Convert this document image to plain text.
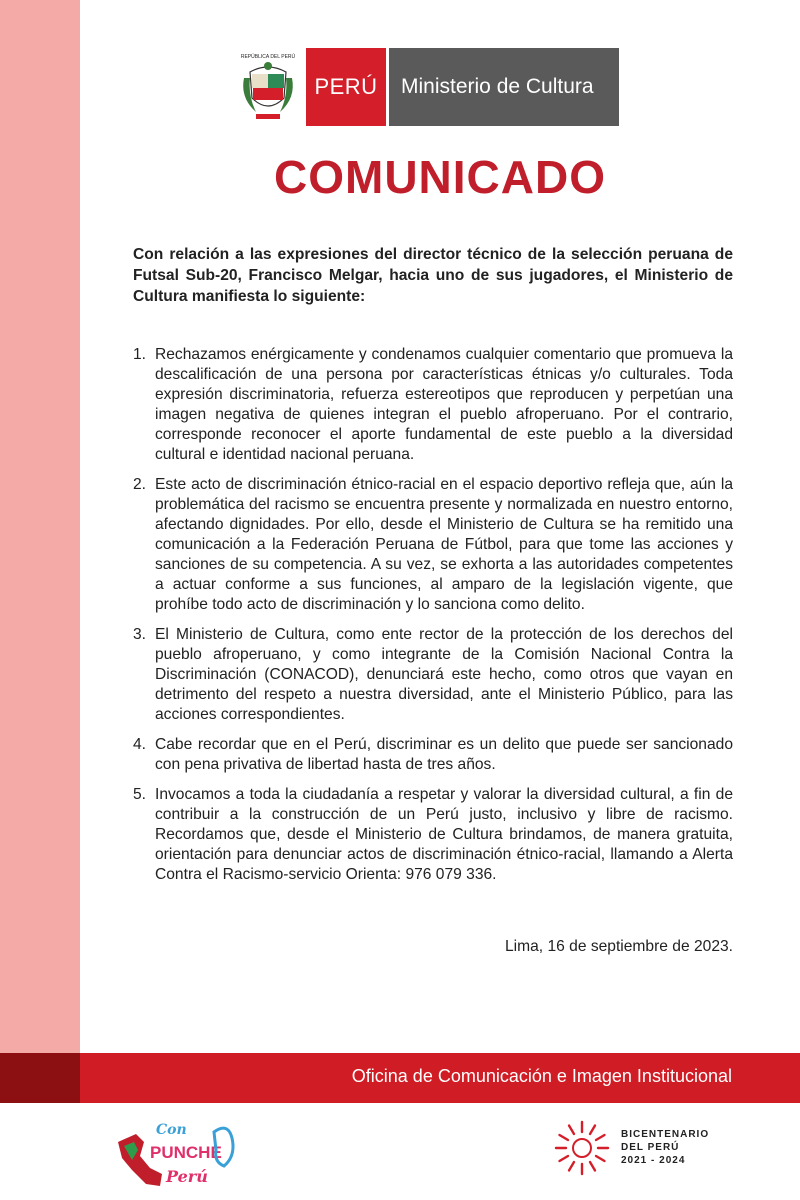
REPÚBLICA DEL PERÚ
PERÚ	Ministerio de Cultura
COMUNICADO
Con relación a las expresiones del director técnico de la selección peruana de Futsal Sub-20, Francisco Melgar, hacia uno de sus jugadores, el Ministerio de Cultura manifiesta lo siguiente:
1. Rechazamos enérgicamente y condenamos cualquier comentario que promueva la descalificación de una persona por características étnicas y/o culturales. Toda expresión discriminatoria, refuerza estereotipos que reproducen y perpetúan una imagen negativa de quienes integran el pueblo afroperuano. Por el contrario, corresponde reconocer el aporte fundamental de este pueblo a la diversidad cultural e identidad nacional peruana.
2. Este acto de discriminación étnico-racial en el espacio deportivo refleja que, aún la problemática del racismo se encuentra presente y normalizada en nuestro entorno, afectando dignidades. Por ello, desde el Ministerio de Cultura se ha remitido una comunicación a la Federación Peruana de Fútbol, para que tome las acciones y sanciones de su competencia. A su vez, se exhorta a las autoridades competentes a actuar conforme a sus funciones, al amparo de la legislación vigente, que prohíbe todo acto de discriminación y lo sanciona como delito.
3. El Ministerio de Cultura, como ente rector de la protección de los derechos del pueblo afroperuano, y como integrante de la Comisión Nacional Contra la Discriminación (CONACOD), denunciará este hecho, como otros que vayan en detrimento del respeto a nuestra diversidad, ante el Ministerio Público, para las acciones correspondientes.
4. Cabe recordar que en el Perú, discriminar es un delito que puede ser sancionado con pena privativa de libertad hasta de tres años.
5. Invocamos a toda la ciudadanía a respetar y valorar la diversidad cultural, a fin de contribuir a la construcción de un Perú justo, inclusivo y libre de racismo. Recordamos que, desde el Ministerio de Cultura brindamos, de manera gratuita, orientación para denunciar actos de discriminación étnico-racial, llamando a Alerta Contra el Racismo-servicio Orienta: 976 079 336.
Lima, 16 de septiembre de 2023.
Oficina de Comunicación e Imagen Institucional
Con
PUNCHE
Perú
BICENTENARIO
DEL PERÚ
2021 - 2024
